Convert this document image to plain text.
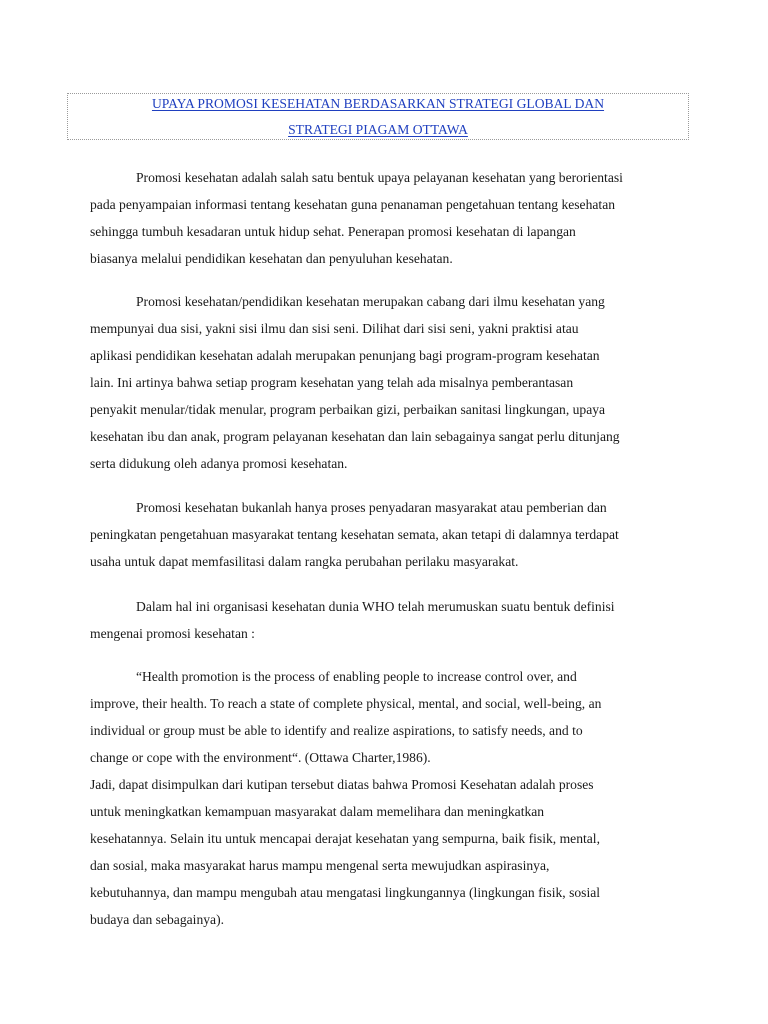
UPAYA PROMOSI KESEHATAN BERDASARKAN STRATEGI GLOBAL DAN
STRATEGI PIAGAM OTTAWA

Promosi kesehatan adalah salah satu bentuk upaya pelayanan kesehatan yang berorientasi
pada penyampaian informasi tentang kesehatan guna penanaman pengetahuan tentang kesehatan
sehingga tumbuh kesadaran untuk hidup sehat. Penerapan promosi kesehatan di lapangan
biasanya melalui pendidikan kesehatan dan penyuluhan kesehatan.

Promosi kesehatan/pendidikan kesehatan merupakan cabang dari ilmu kesehatan yang
mempunyai dua sisi, yakni sisi ilmu dan sisi seni. Dilihat dari sisi seni, yakni praktisi atau
aplikasi pendidikan kesehatan adalah merupakan penunjang bagi program-program kesehatan
lain. Ini artinya bahwa setiap program kesehatan yang telah ada misalnya pemberantasan
penyakit menular/tidak menular, program perbaikan gizi, perbaikan sanitasi lingkungan, upaya
kesehatan ibu dan anak, program pelayanan kesehatan dan lain sebagainya sangat perlu ditunjang
serta didukung oleh adanya promosi kesehatan.

Promosi kesehatan bukanlah hanya proses penyadaran masyarakat atau pemberian dan
peningkatan pengetahuan masyarakat tentang kesehatan semata, akan tetapi di dalamnya terdapat
usaha untuk dapat memfasilitasi dalam rangka perubahan perilaku masyarakat.

Dalam hal ini organisasi kesehatan dunia WHO telah merumuskan suatu bentuk definisi
mengenai promosi kesehatan :

“Health promotion is the process of enabling people to increase control over, and
improve, their health. To reach a state of complete physical, mental, and social, well-being, an
individual or group must be able to identify and realize aspirations, to satisfy needs, and to
change or cope with the environment“. (Ottawa Charter,1986).

Jadi, dapat disimpulkan dari kutipan tersebut diatas bahwa Promosi Kesehatan adalah proses
untuk meningkatkan kemampuan masyarakat dalam memelihara dan meningkatkan
kesehatannya. Selain itu untuk mencapai derajat kesehatan yang sempurna, baik fisik, mental,
dan sosial, maka masyarakat harus mampu mengenal serta mewujudkan aspirasinya,
kebutuhannya, dan mampu mengubah atau mengatasi lingkungannya (lingkungan fisik, sosial
budaya dan sebagainya).
